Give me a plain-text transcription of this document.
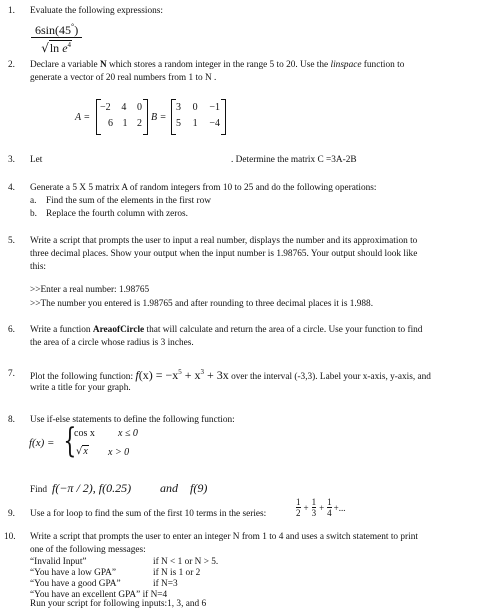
1.	Evaluate the following expressions:
6sin(45°)
√ln $e^4$
2.	Declare a variable N which stores a random integer in the range 5 to 20. Use the linspace function to
generate a vector of 20 real numbers from 1 to N .
3.	Let
A =
−2 4 0
6 1 2
B =
3 0 −1
5 1 −4
. Determine the matrix C =3A-2B
4.	Generate a 5 X 5 matrix A of random integers from 10 to 25 and do the following operations:
a. Find the sum of the elements in the first row
b. Replace the fourth column with zeros.
5.	Write a script that prompts the user to input a real number, displays the number and its approximation to
three decimal places. Show your output when the input number is 1.98765. Your output should look like
this:
>>Enter a real number: 1.98765
>>The number you entered is 1.98765 and after rounding to three decimal places it is 1.988.
6.	Write a function AreaofCircle that will calculate and return the area of a circle. Use your function to find
the area of a circle whose radius is 3 inches.
7.	Plot the following function: $f(x) = -x^5 + x^3 + 3x$ over the interval (-3,3). Label your x-axis, y-axis, and
write a title for your graph.
8.	Use if-else statements to define the following function:
f(x) = {
cos x x ≤ 0
√x x > 0
Find f(−π / 2), f(0.25) and f(9)
9.	Use a for loop to find the sum of the first 10 terms in the series:	$\frac{1}{2} + \frac{1}{3} + \frac{1}{4}$ +...
10.	Write a script that prompts the user to enter an integer N from 1 to 4 and uses a switch statement to print
one of the following messages:
“Invalid Input”	if N < 1 or N > 5.
“You have a low GPA”	if N is 1 or 2
“You have a good GPA”	if N=3
“You have an excellent GPA” if N=4
Run your script for following inputs:1, 3, and 6
